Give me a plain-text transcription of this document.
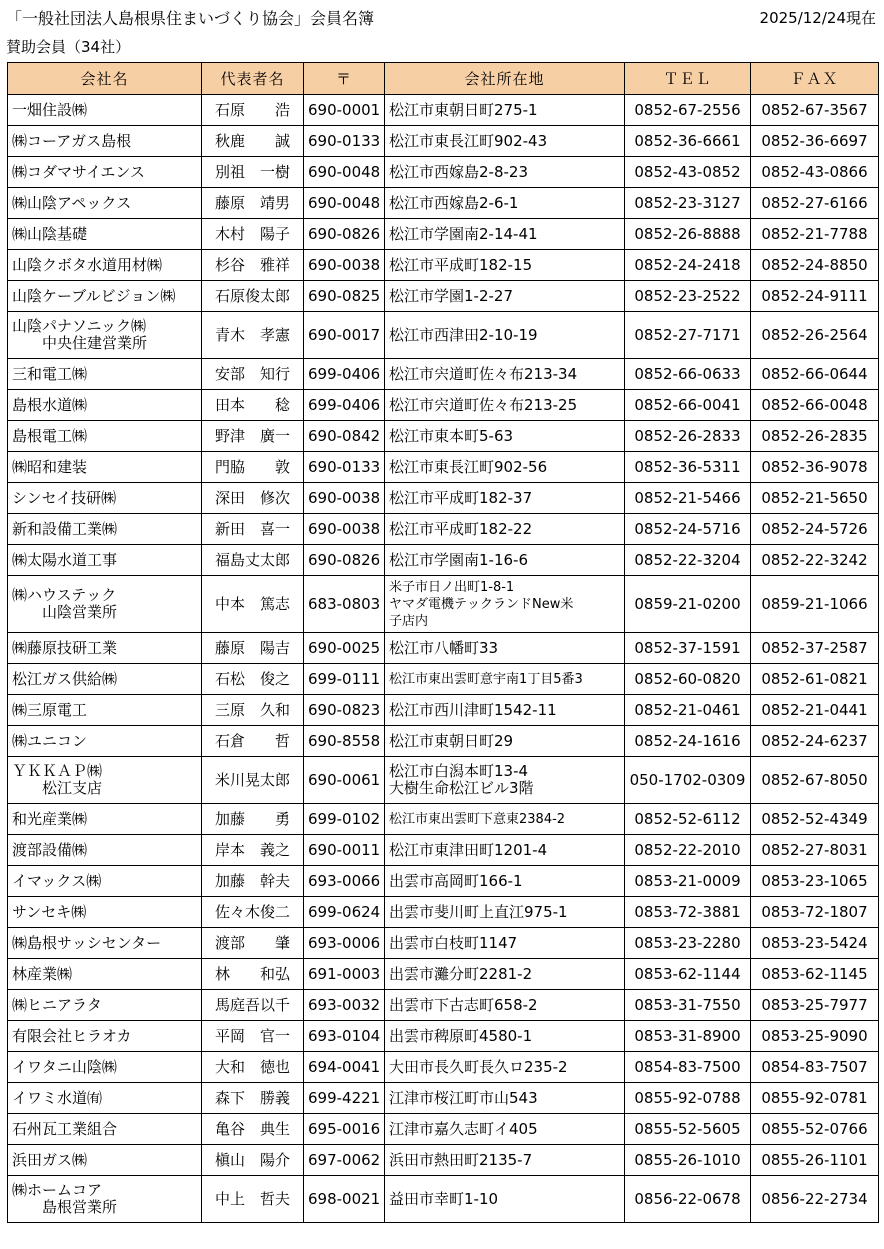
「一般社団法人島根県住まいづくり協会」会員名簿	2025/12/24現在
賛助会員（34社）
会社名	代表者名	〒	会社所在地	ＴＥＬ	ＦＡＸ

一畑住設㈱	石原　　浩	690-0001	松江市東朝日町275-1	0852-67-2556	0852-67-3567

㈱コーアガス島根	秋鹿　　誠	690-0133	松江市東長江町902-43	0852-36-6661	0852-36-6697

㈱コダマサイエンス	別祖　一樹	690-0048	松江市西嫁島2-8-23	0852-43-0852	0852-43-0866

㈱山陰アペックス	藤原　靖男	690-0048	松江市西嫁島2-6-1	0852-23-3127	0852-27-6166

㈱山陰基礎	木村　陽子	690-0826	松江市学園南2-14-41	0852-26-8888	0852-21-7788

山陰クボタ水道用材㈱	杉谷　雅祥	690-0038	松江市平成町182-15	0852-24-2418	0852-24-8850

山陰ケーブルビジョン㈱	石原俊太郎	690-0825	松江市学園1-2-27	0852-23-2522	0852-24-9111

山陰パナソニック㈱
中央住建営業所	青木　孝憲	690-0017	松江市西津田2-10-19	0852-27-7171	0852-26-2564

三和電工㈱	安部　知行	699-0406	松江市宍道町佐々布213-34	0852-66-0633	0852-66-0644

島根水道㈱	田本　　稔	699-0406	松江市宍道町佐々布213-25	0852-66-0041	0852-66-0048

島根電工㈱	野津　廣一	690-0842	松江市東本町5-63	0852-26-2833	0852-26-2835

㈱昭和建装	門脇　　敦	690-0133	松江市東長江町902-56	0852-36-5311	0852-36-9078

シンセイ技研㈱	深田　修次	690-0038	松江市平成町182-37	0852-21-5466	0852-21-5650

新和設備工業㈱	新田　喜一	690-0038	松江市平成町182-22	0852-24-5716	0852-24-5726

㈱太陽水道工事	福島丈太郎	690-0826	松江市学園南1-16-6	0852-22-3204	0852-22-3242

㈱ハウステック
山陰営業所	中本　篤志	683-0803	米子市日ノ出町1-8-1
ヤマダ電機テックランドNew米
子店内	0859-21-0200	0859-21-1066

㈱藤原技研工業	藤原　陽吉	690-0025	松江市八幡町33	0852-37-1591	0852-37-2587

松江ガス供給㈱	石松　俊之	699-0111	松江市東出雲町意宇南1丁目5番3	0852-60-0820	0852-61-0821

㈱三原電工	三原　久和	690-0823	松江市西川津町1542-11	0852-21-0461	0852-21-0441

㈱ユニコン	石倉　　哲	690-8558	松江市東朝日町29	0852-24-1616	0852-24-6237

ＹＫＫＡＰ㈱
松江支店	米川晃太郎	690-0061	松江市白潟本町13-4
大樹生命松江ビル3階	050-1702-0309	0852-67-8050

和光産業㈱	加藤　　勇	699-0102	松江市東出雲町下意東2384-2	0852-52-6112	0852-52-4349

渡部設備㈱	岸本　義之	690-0011	松江市東津田町1201-4	0852-22-2010	0852-27-8031

イマックス㈱	加藤　幹夫	693-0066	出雲市高岡町166-1	0853-21-0009	0853-23-1065

サンセキ㈱	佐々木俊二	699-0624	出雲市斐川町上直江975-1	0853-72-3881	0853-72-1807

㈱島根サッシセンター	渡部　　肇	693-0006	出雲市白枝町1147	0853-23-2280	0853-23-5424

林産業㈱	林　　和弘	691-0003	出雲市灘分町2281-2	0853-62-1144	0853-62-1145

㈱ヒニアラタ	馬庭吾以千	693-0032	出雲市下古志町658-2	0853-31-7550	0853-25-7977

有限会社ヒラオカ	平岡　官一	693-0104	出雲市稗原町4580-1	0853-31-8900	0853-25-9090

イワタニ山陰㈱	大和　徳也	694-0041	大田市長久町長久ロ235-2	0854-83-7500	0854-83-7507

イワミ水道㈲	森下　勝義	699-4221	江津市桜江町市山543	0855-92-0788	0855-92-0781

石州瓦工業組合	亀谷　典生	695-0016	江津市嘉久志町イ405	0855-52-5605	0855-52-0766

浜田ガス㈱	槇山　陽介	697-0062	浜田市熱田町2135-7	0855-26-1010	0855-26-1101

㈱ホームコア
島根営業所	中上　哲夫	698-0021	益田市幸町1-10	0856-22-0678	0856-22-2734
